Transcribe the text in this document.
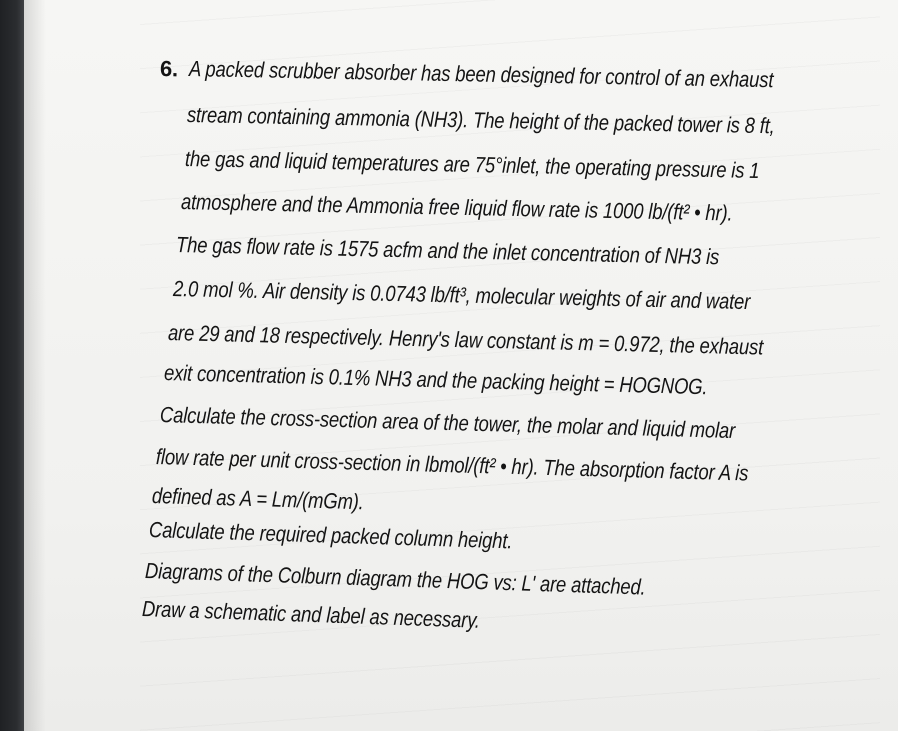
6. A packed scrubber absorber has been designed for control of an exhaust
stream containing ammonia (NH3). The height of the packed tower is 8 ft,
the gas and liquid temperatures are 75°inlet, the operating pressure is 1
atmosphere and the Ammonia free liquid flow rate is 1000 lb/(ft² • hr).
The gas flow rate is 1575 acfm and the inlet concentration of NH3 is
2.0 mol %. Air density is 0.0743 lb/ft³, molecular weights of air and water
are 29 and 18 respectively. Henry's law constant is m = 0.972, the exhaust
exit concentration is 0.1% NH3 and the packing height = HOGNOG.
Calculate the cross-section area of the tower, the molar and liquid molar
flow rate per unit cross-section in lbmol/(ft² • hr). The absorption factor A is
defined as A = Lm/(mGm).
Calculate the required packed column height.
Diagrams of the Colburn diagram the HOG vs: L' are attached.
Draw a schematic and label as necessary.
